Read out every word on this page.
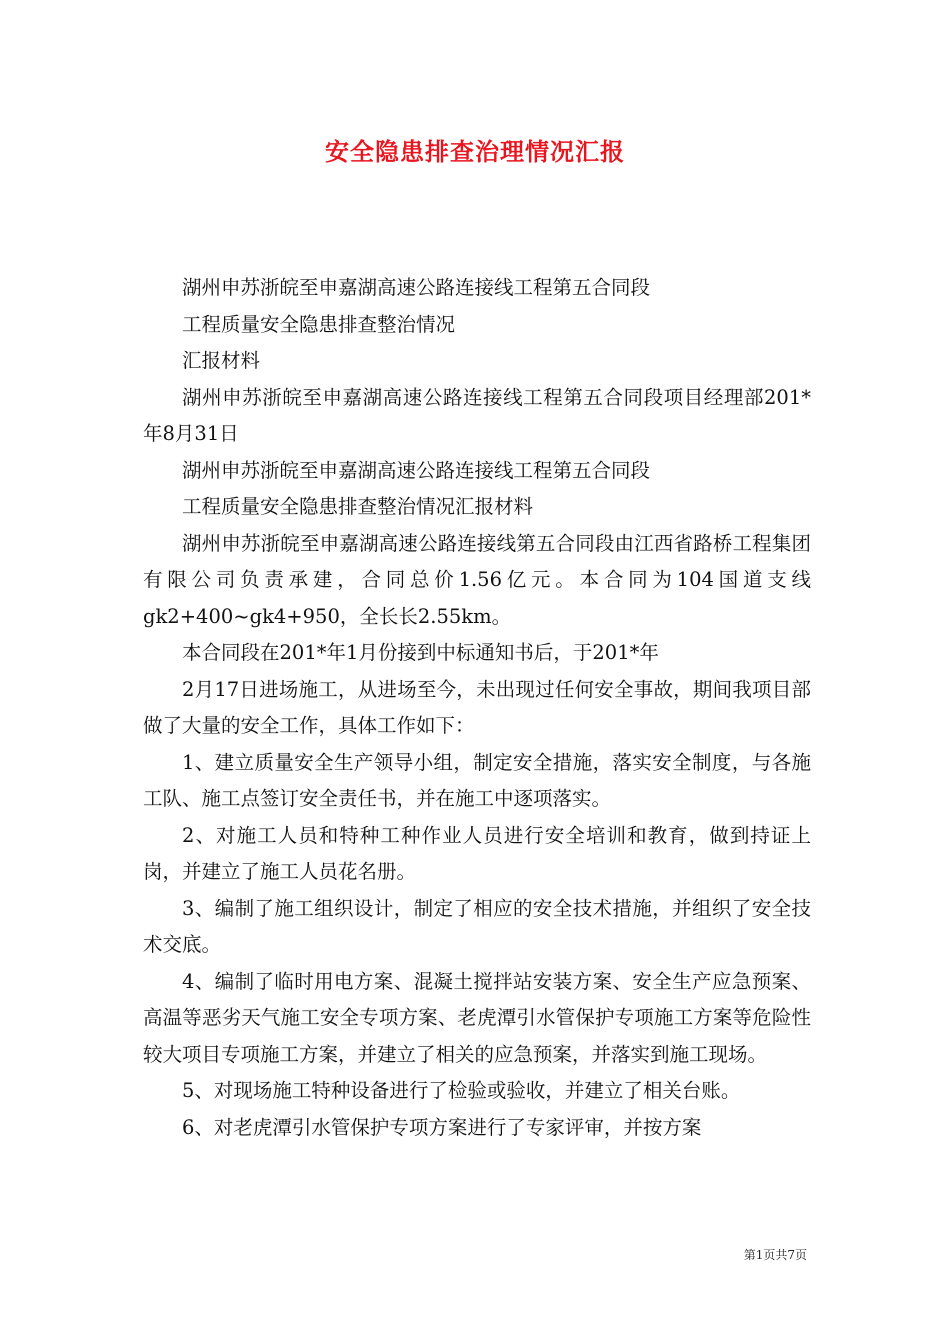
安全隐患排查治理情况汇报

湖州申苏浙皖至申嘉湖高速公路连接线工程第五合同段

工程质量安全隐患排查整治情况

汇报材料

湖州申苏浙皖至申嘉湖高速公路连接线工程第五合同段项目经理部201*年8月31日

湖州申苏浙皖至申嘉湖高速公路连接线工程第五合同段

工程质量安全隐患排查整治情况汇报材料

湖州申苏浙皖至申嘉湖高速公路连接线第五合同段由江西省路桥工程集团有限公司负责承建，合同总价1.56亿元。本合同为104国道支线gk2+400~gk4+950，全长长2.55km。

本合同段在201*年1月份接到中标通知书后，于201*年

2月17日进场施工，从进场至今，未出现过任何安全事故，期间我项目部做了大量的安全工作，具体工作如下：

1、建立质量安全生产领导小组，制定安全措施，落实安全制度，与各施工队、施工点签订安全责任书，并在施工中逐项落实。

2、对施工人员和特种工种作业人员进行安全培训和教育，做到持证上岗，并建立了施工人员花名册。

3、编制了施工组织设计，制定了相应的安全技术措施，并组织了安全技术交底。

4、编制了临时用电方案、混凝土搅拌站安装方案、安全生产应急预案、高温等恶劣天气施工安全专项方案、老虎潭引水管保护专项施工方案等危险性较大项目专项施工方案，并建立了相关的应急预案，并落实到施工现场。

5、对现场施工特种设备进行了检验或验收，并建立了相关台账。

6、对老虎潭引水管保护专项方案进行了专家评审，并按方案

第1页共7页
